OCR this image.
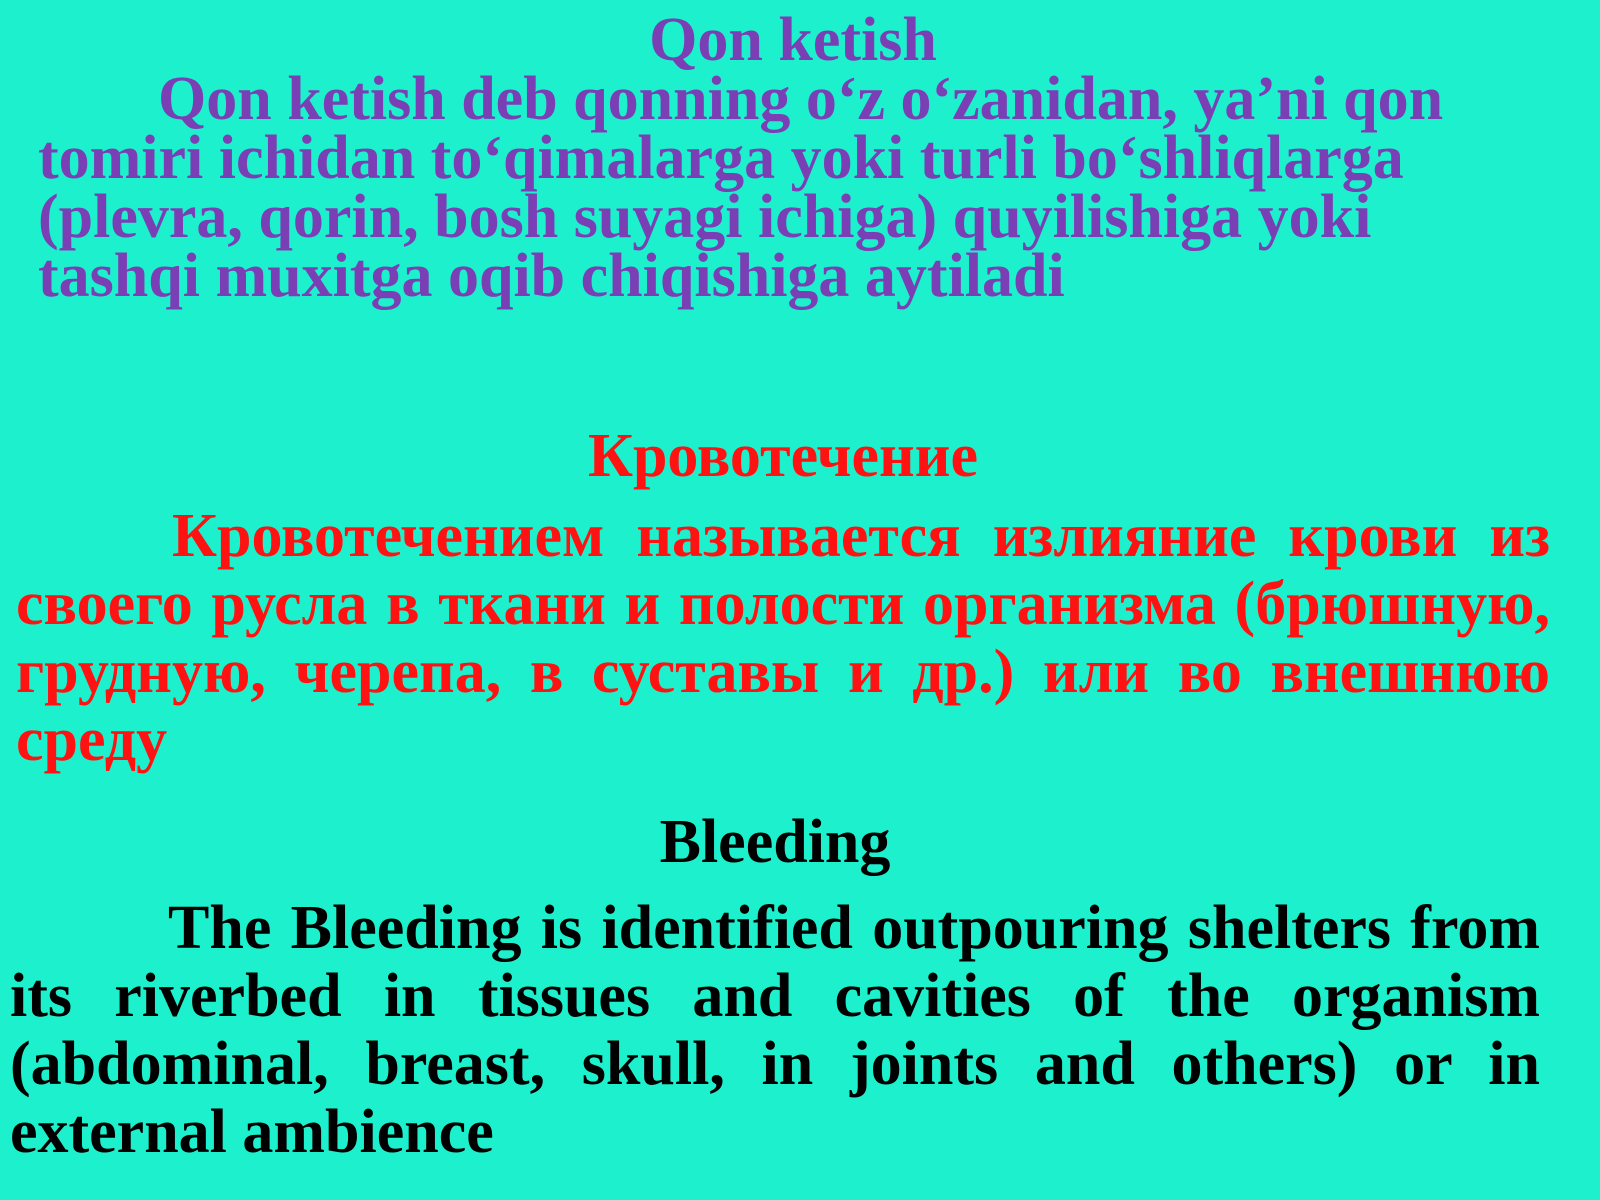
Qon ketish

Qon ketish deb qonning o‘z o‘zanidan, ya’ni qon tomiri ichidan to‘qimalarga yoki turli bo‘shliqlarga (plevra, qorin, bosh suyagi ichiga) quyilishiga yoki tashqi muxitga oqib chiqishiga aytiladi

Кровотечение

Кровотечением называется излияние крови из своего русла в ткани и полости организма (брюшную, грудную, черепа, в суставы и др.) или во внешнюю среду

Bleeding

The Bleeding is identified outpouring shelters from its riverbed in tissues and cavities of the organism (abdominal, breast, skull, in joints and others) or in external ambience
